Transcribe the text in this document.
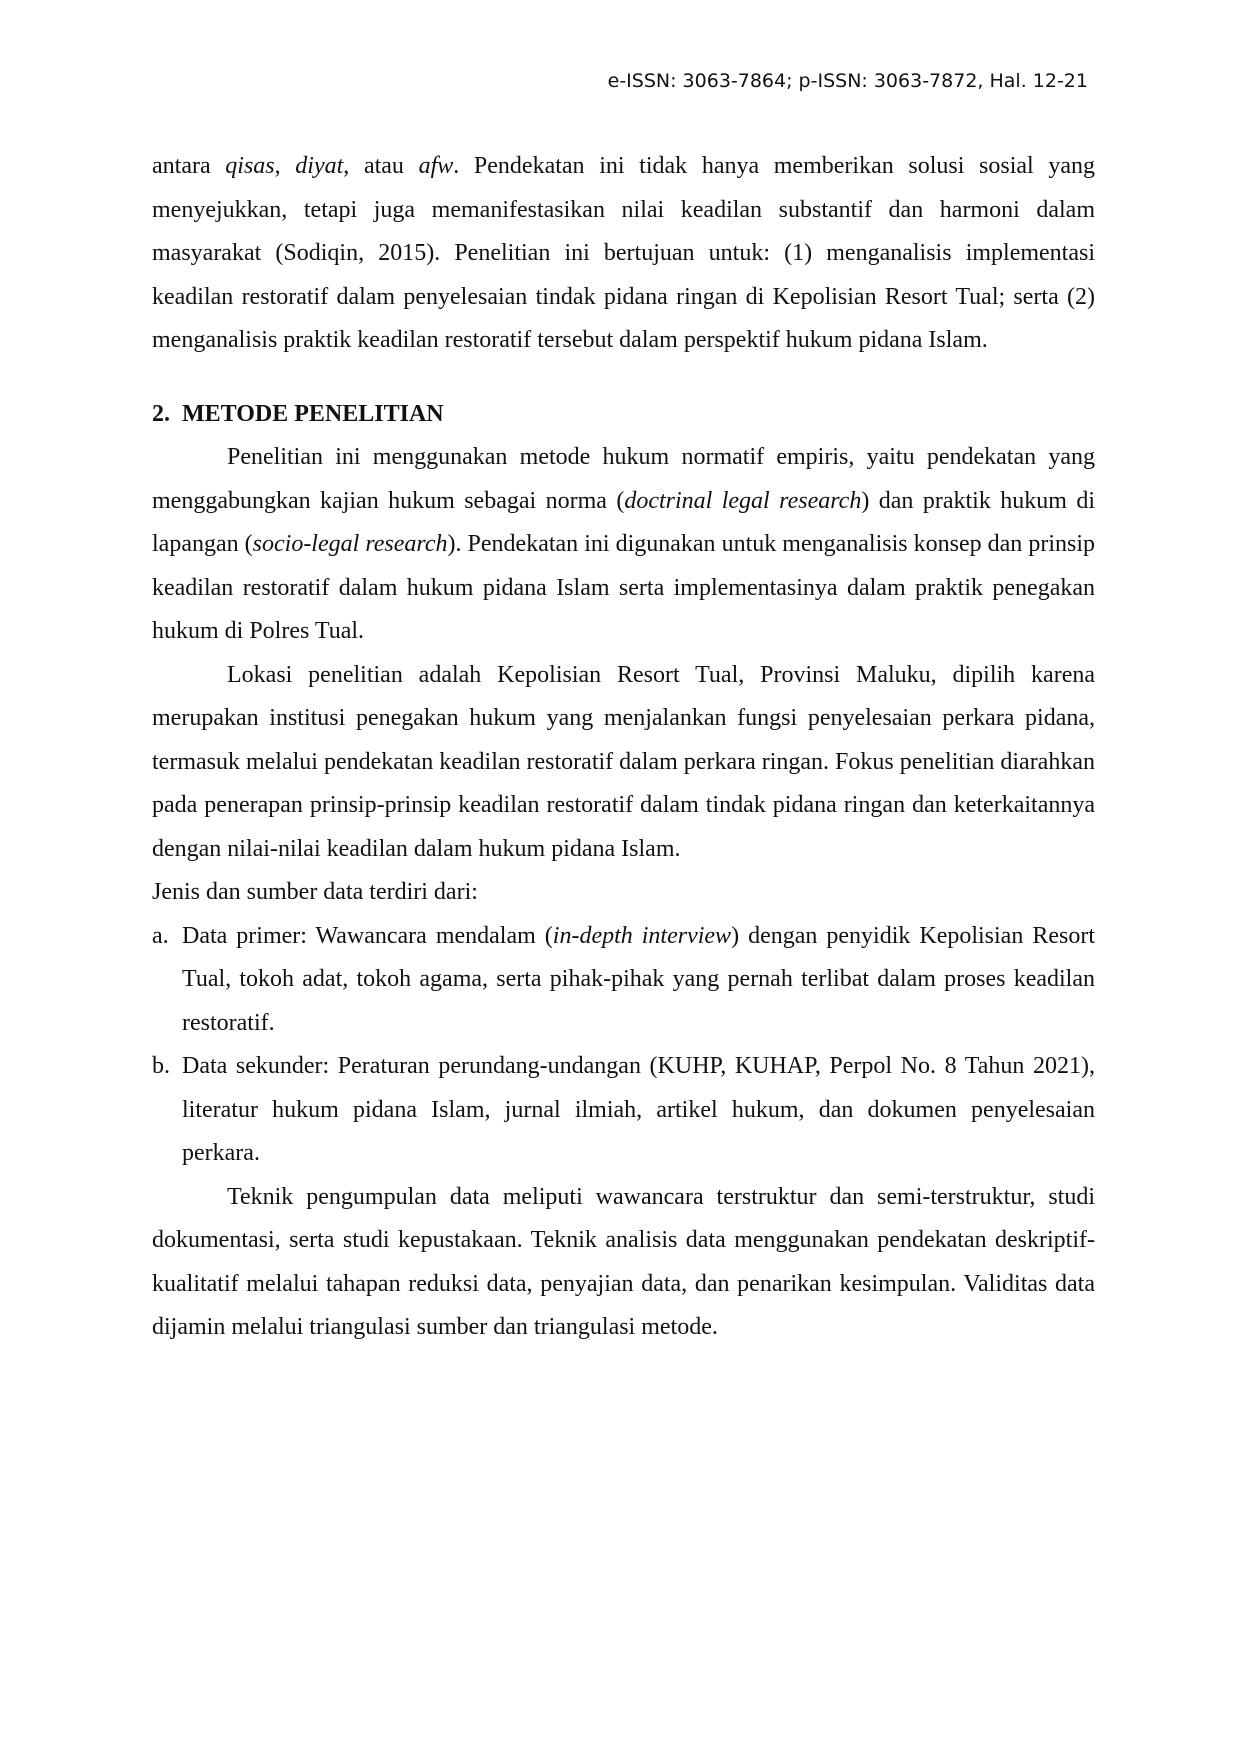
e-ISSN: 3063-7864; p-ISSN: 3063-7872, Hal. 12-21

antara qisas, diyat, atau afw. Pendekatan ini tidak hanya memberikan solusi sosial yang menyejukkan, tetapi juga memanifestasikan nilai keadilan substantif dan harmoni dalam masyarakat (Sodiqin, 2015). Penelitian ini bertujuan untuk: (1) menganalisis implementasi keadilan restoratif dalam penyelesaian tindak pidana ringan di Kepolisian Resort Tual; serta (2) menganalisis praktik keadilan restoratif tersebut dalam perspektif hukum pidana Islam.

2. METODE PENELITIAN

Penelitian ini menggunakan metode hukum normatif empiris, yaitu pendekatan yang menggabungkan kajian hukum sebagai norma (doctrinal legal research) dan praktik hukum di lapangan (socio-legal research). Pendekatan ini digunakan untuk menganalisis konsep dan prinsip keadilan restoratif dalam hukum pidana Islam serta implementasinya dalam praktik penegakan hukum di Polres Tual.

Lokasi penelitian adalah Kepolisian Resort Tual, Provinsi Maluku, dipilih karena merupakan institusi penegakan hukum yang menjalankan fungsi penyelesaian perkara pidana, termasuk melalui pendekatan keadilan restoratif dalam perkara ringan. Fokus penelitian diarahkan pada penerapan prinsip-prinsip keadilan restoratif dalam tindak pidana ringan dan keterkaitannya dengan nilai-nilai keadilan dalam hukum pidana Islam.

Jenis dan sumber data terdiri dari:

a. Data primer: Wawancara mendalam (in-depth interview) dengan penyidik Kepolisian Resort Tual, tokoh adat, tokoh agama, serta pihak-pihak yang pernah terlibat dalam proses keadilan restoratif.
b. Data sekunder: Peraturan perundang-undangan (KUHP, KUHAP, Perpol No. 8 Tahun 2021), literatur hukum pidana Islam, jurnal ilmiah, artikel hukum, dan dokumen penyelesaian perkara.

Teknik pengumpulan data meliputi wawancara terstruktur dan semi-terstruktur, studi dokumentasi, serta studi kepustakaan. Teknik analisis data menggunakan pendekatan deskriptif-kualitatif melalui tahapan reduksi data, penyajian data, dan penarikan kesimpulan. Validitas data dijamin melalui triangulasi sumber dan triangulasi metode.
